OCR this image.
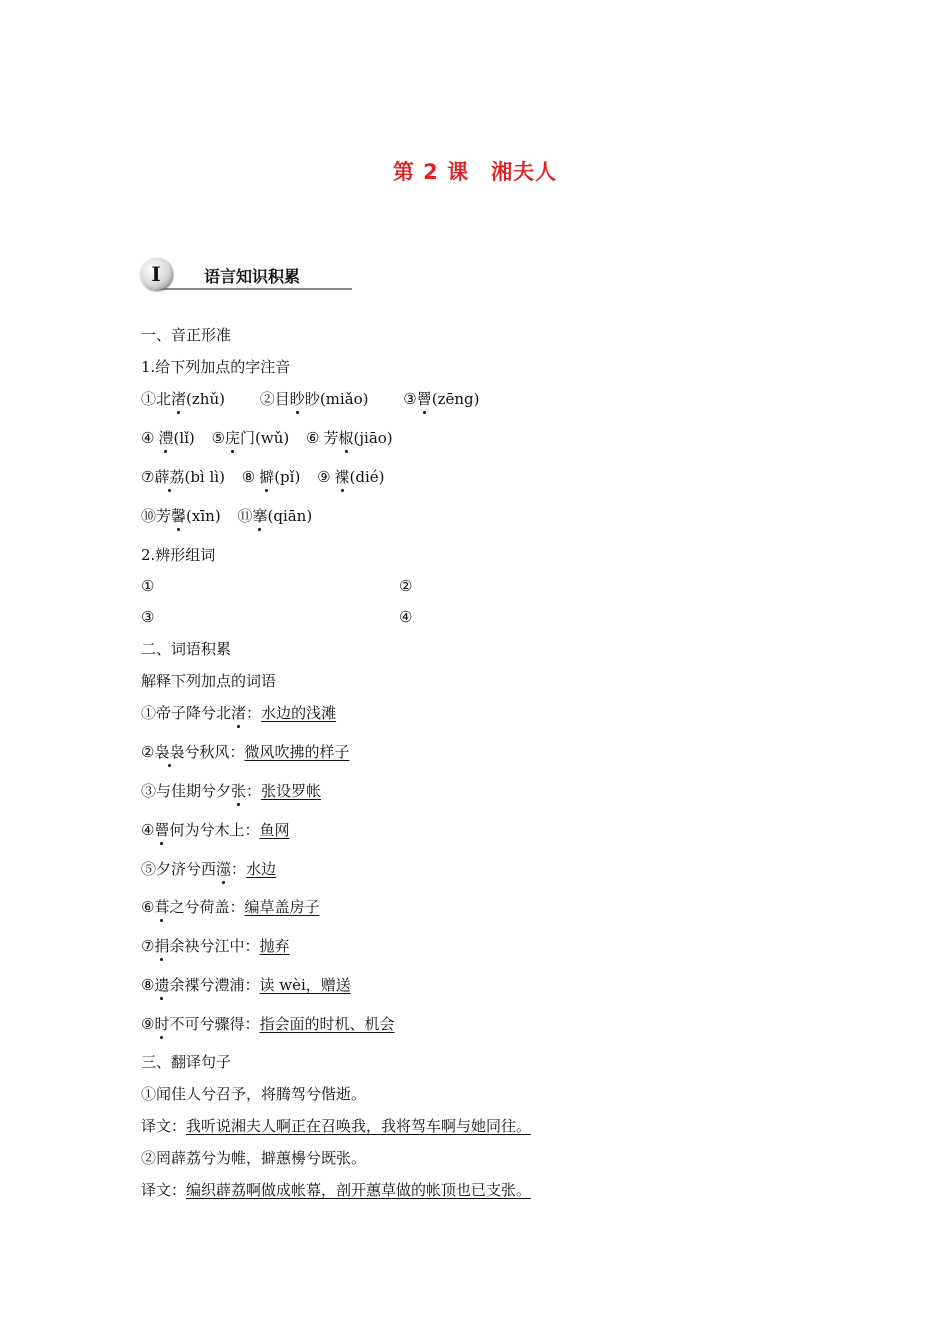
第 2 课　湘夫人
I	语言知识积累
一、音正形准
1.给下列加点的字注音
①北渚(zhǔ) ②目眇眇(miǎo) ③罾(zēng)
④ 澧(lǐ) ⑤庑门(wǔ) ⑥ 芳椒(jiāo)
⑦薜荔(bì lì) ⑧ 擗(pǐ) ⑨ 褋(dié)
⑩芳馨(xīn) ⑪搴(qiān)
2.辨形组词
①	②
③	④
二、词语积累
解释下列加点的词语
①帝子降兮北渚：水边的浅滩
②袅袅兮秋风：微风吹拂的样子
③与佳期兮夕张：张设罗帐
④罾何为兮木上：鱼网
⑤夕济兮西澨：水边
⑥葺之兮荷盖：编草盖房子
⑦捐余袂兮江中：抛弃
⑧遗余褋兮澧浦：读 wèi，赠送
⑨时不可兮骤得：指会面的时机、机会
三、翻译句子
①闻佳人兮召予，将腾驾兮偕逝。
译文：我听说湘夫人啊正在召唤我，我将驾车啊与她同往。
②罔薜荔兮为帷，擗蕙櫋兮既张。
译文：编织薜荔啊做成帐幕，剖开蕙草做的帐顶也已支张。
